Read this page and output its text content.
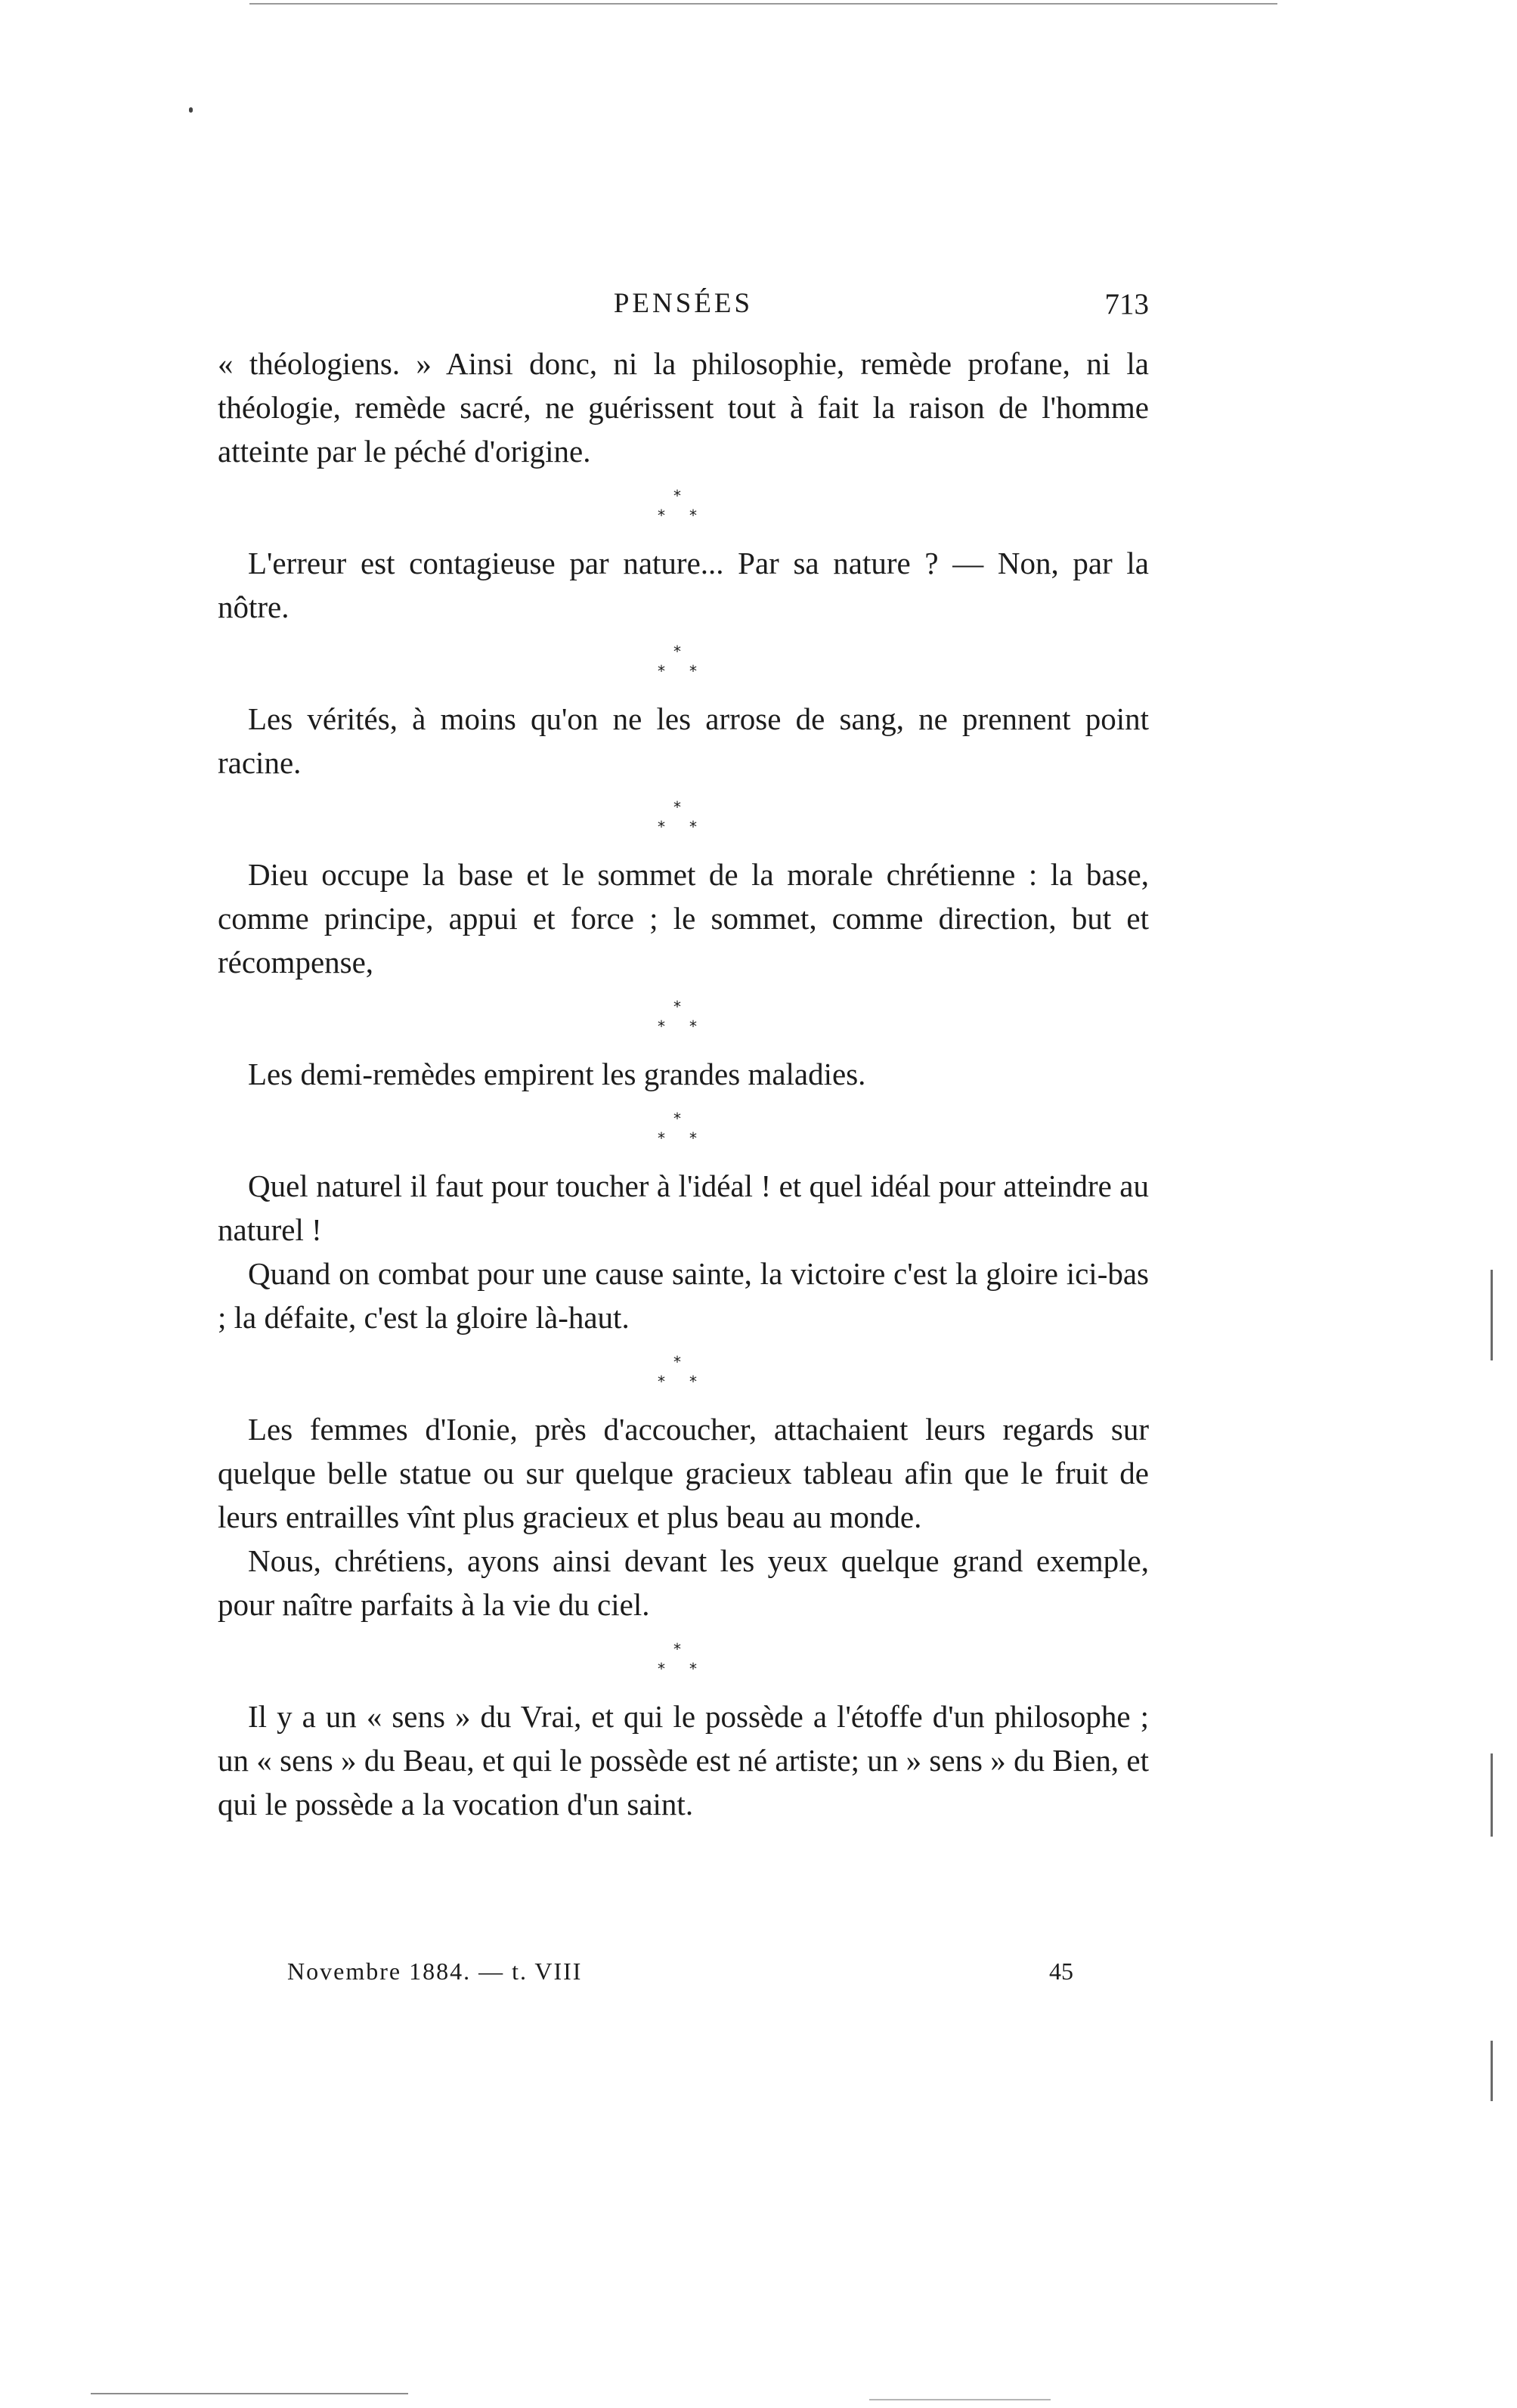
PENSÉES	713

« théologiens. » Ainsi donc, ni la philosophie, remède profane, ni la théologie, remède sacré, ne guérissent tout à fait la raison de l'homme atteinte par le péché d'origine.

*
* *

L'erreur est contagieuse par nature... Par sa nature ? — Non, par la nôtre.

*
* *

Les vérités, à moins qu'on ne les arrose de sang, ne prennent point racine.

*
* *

Dieu occupe la base et le sommet de la morale chrétienne : la base, comme principe, appui et force ; le sommet, comme direction, but et récompense,

*
* *

Les demi-remèdes empirent les grandes maladies.

*
* *

Quel naturel il faut pour toucher à l'idéal ! et quel idéal pour atteindre au naturel !

Quand on combat pour une cause sainte, la victoire c'est la gloire ici-bas ; la défaite, c'est la gloire là-haut.

*
* *

Les femmes d'Ionie, près d'accoucher, attachaient leurs regards sur quelque belle statue ou sur quelque gracieux tableau afin que le fruit de leurs entrailles vînt plus gracieux et plus beau au monde.

Nous, chrétiens, ayons ainsi devant les yeux quelque grand exemple, pour naître parfaits à la vie du ciel.

*
* *

Il y a un « sens » du Vrai, et qui le possède a l'étoffe d'un philosophe ; un « sens » du Beau, et qui le possède est né artiste; un » sens » du Bien, et qui le possède a la vocation d'un saint.

Novembre 1884. — t. VIII	45
